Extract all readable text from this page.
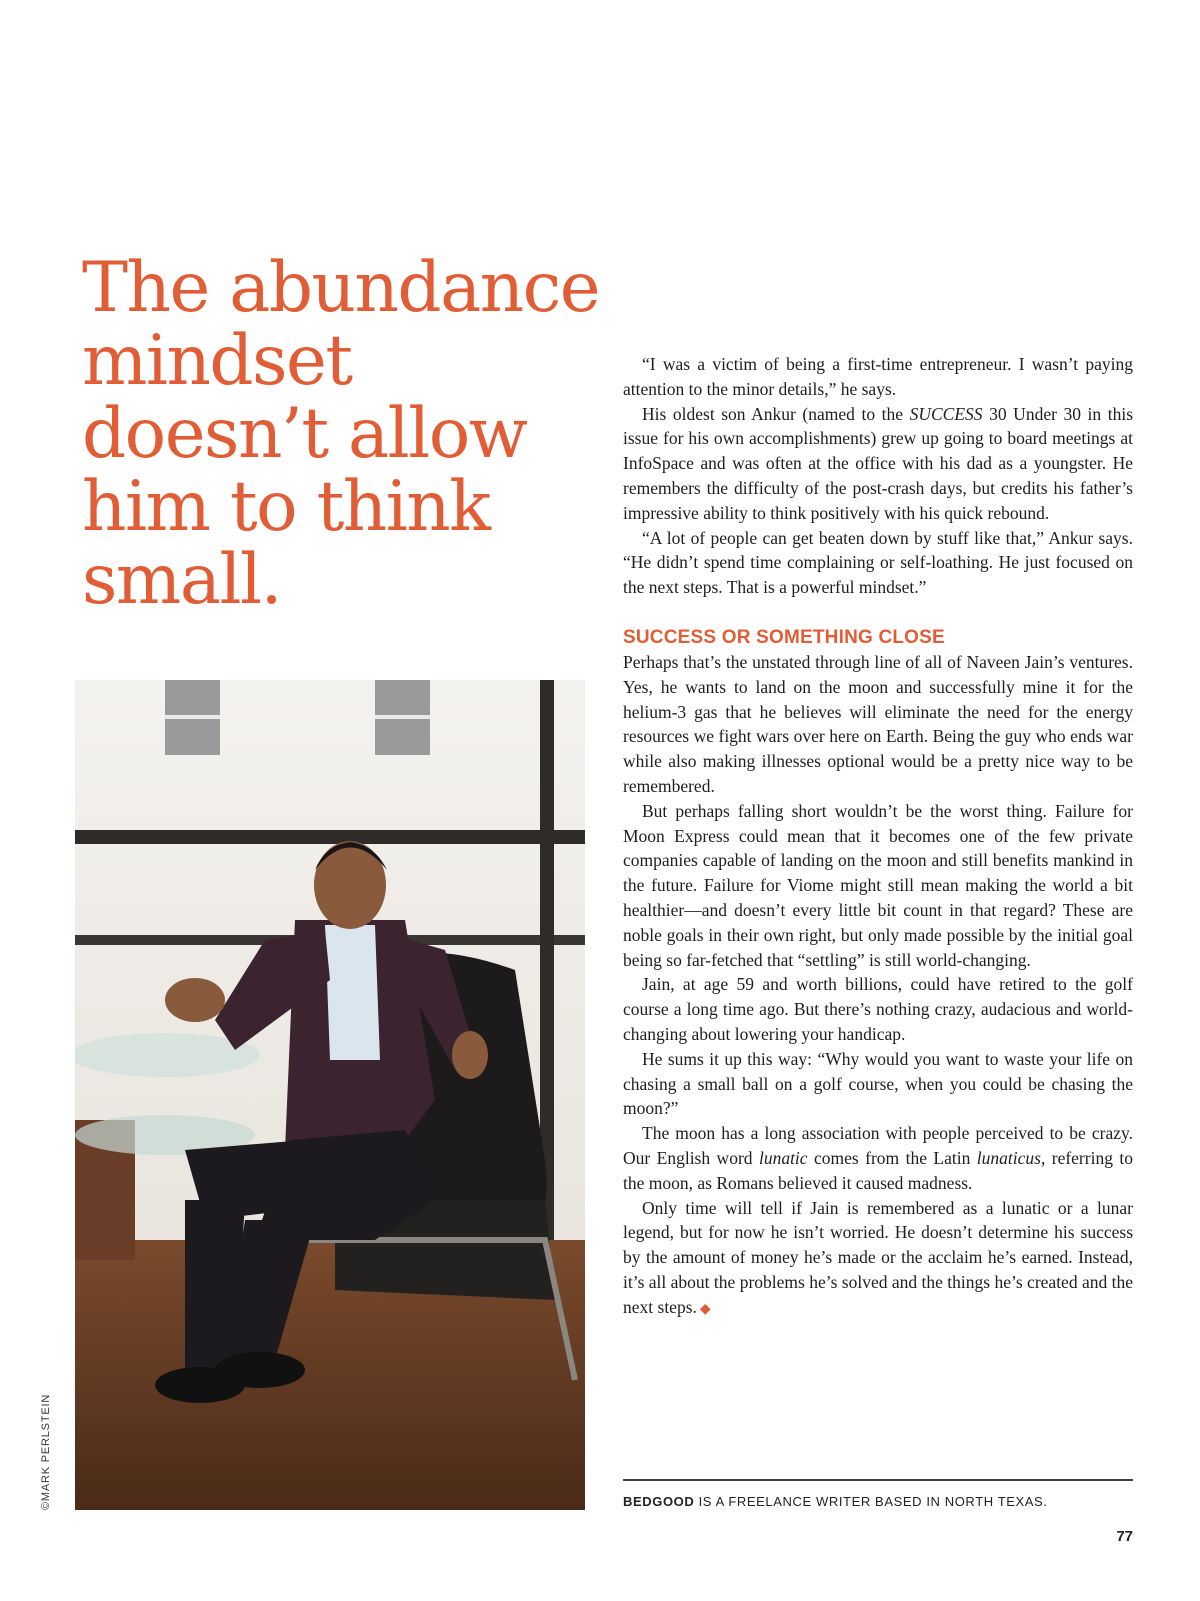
The abundance
mindset
doesn’t allow
him to think
small.
©MARK PERLSTEIN

“I was a victim of being a first-time entrepreneur. I wasn’t paying attention to the minor details,” he says.

His oldest son Ankur (named to the SUCCESS 30 Under 30 in this issue for his own accomplishments) grew up going to board meetings at InfoSpace and was often at the office with his dad as a youngster. He remembers the difficulty of the post-crash days, but credits his father’s impressive ability to think positively with his quick rebound.

“A lot of people can get beaten down by stuff like that,” Ankur says. “He didn’t spend time complaining or self-loathing. He just focused on the next steps. That is a powerful mindset.”

SUCCESS OR SOMETHING CLOSE

Perhaps that’s the unstated through line of all of Naveen Jain’s ventures. Yes, he wants to land on the moon and successfully mine it for the helium-3 gas that he believes will eliminate the need for the energy resources we fight wars over here on Earth. Being the guy who ends war while also making illnesses optional would be a pretty nice way to be remembered.

But perhaps falling short wouldn’t be the worst thing. Failure for Moon Express could mean that it becomes one of the few private companies capable of landing on the moon and still benefits mankind in the future. Failure for Viome might still mean making the world a bit healthier—and doesn’t every little bit count in that regard? These are noble goals in their own right, but only made possible by the initial goal being so far-fetched that “settling” is still world-changing.

Jain, at age 59 and worth billions, could have retired to the golf course a long time ago. But there’s nothing crazy, audacious and world-changing about lowering your handicap.

He sums it up this way: “Why would you want to waste your life on chasing a small ball on a golf course, when you could be chasing the moon?”

The moon has a long association with people perceived to be crazy. Our English word lunatic comes from the Latin lunaticus, referring to the moon, as Romans believed it caused madness.

Only time will tell if Jain is remembered as a lunatic or a lunar legend, but for now he isn’t worried. He doesn’t determine his success by the amount of money he’s made or the acclaim he’s earned. Instead, it’s all about the problems he’s solved and the things he’s created and the next steps. ◆

BEDGOOD IS A FREELANCE WRITER BASED IN NORTH TEXAS.
77
